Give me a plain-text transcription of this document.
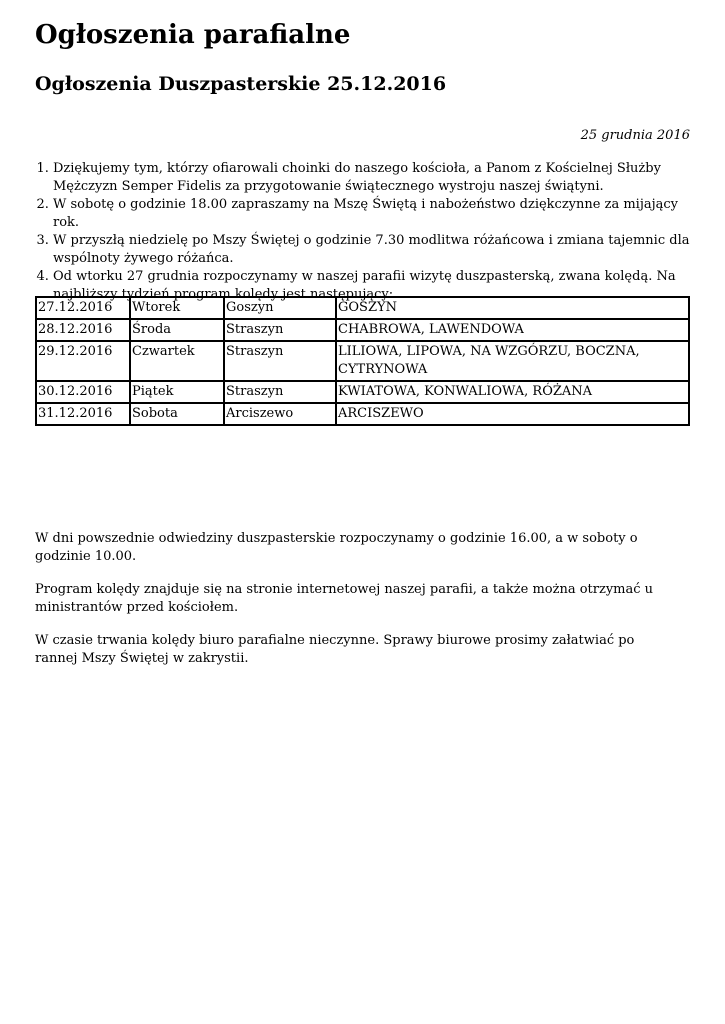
Ogłoszenia parafialne
Ogłoszenia Duszpasterskie 25.12.2016
25 grudnia 2016
1. Dziękujemy tym, którzy ofiarowali choinki do naszego kościoła, a Panom z Kościelnej Służby Mężczyzn Semper Fidelis za przygotowanie świątecznego wystroju naszej świątyni.
2. W sobotę o godzinie 18.00 zapraszamy na Mszę Świętą i nabożeństwo dziękczynne za mijający rok.
3. W przyszłą niedzielę po Mszy Świętej o godzinie 7.30 modlitwa różańcowa i zmiana tajemnic dla wspólnoty żywego różańca.
4. Od wtorku 27 grudnia rozpoczynamy w naszej parafii wizytę duszpasterską, zwana kolędą. Na najbliższy tydzień program kolędy jest następujący:
27.12.2016	Wtorek	Goszyn	GOSZYN
28.12.2016	Środa	Straszyn	CHABROWA, LAWENDOWA
29.12.2016	Czwartek	Straszyn	LILIOWA, LIPOWA, NA WZGÓRZU, BOCZNA, CYTRYNOWA
30.12.2016	Piątek	Straszyn	KWIATOWA, KONWALIOWA, RÓŻANA
31.12.2016	Sobota	Arciszewo	ARCISZEWO

W dni powszednie odwiedziny duszpasterskie rozpoczynamy o godzinie 16.00, a w soboty o godzinie 10.00.

Program kolędy znajduje się na stronie internetowej naszej parafii, a także można otrzymać u ministrantów przed kościołem.

W czasie trwania kolędy biuro parafialne nieczynne. Sprawy biurowe prosimy załatwiać po rannej Mszy Świętej w zakrystii.
